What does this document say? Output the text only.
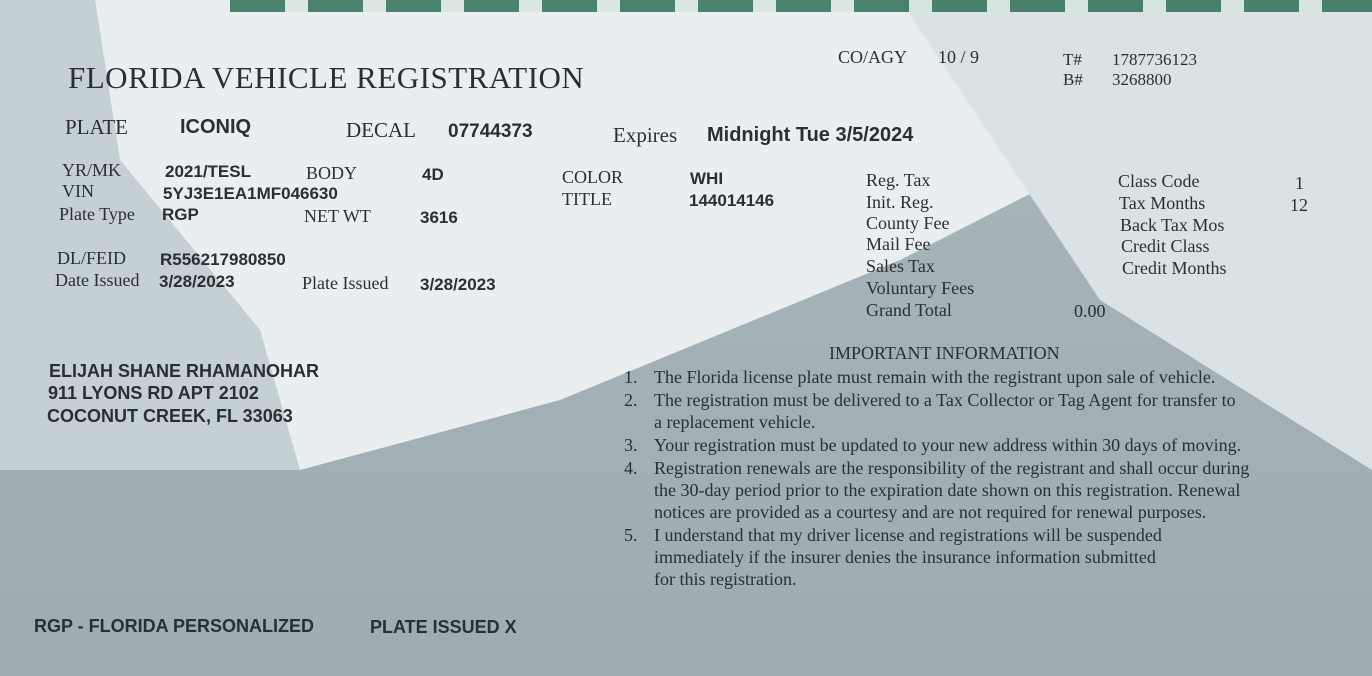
FLORIDA VEHICLE REGISTRATION
CO/AGY 10 / 9	T# 1787736123
B# 3268800
PLATE	ICONIQ	DECAL 07744373	Expires Midnight Tue 3/5/2024
YR/MK	2021/TESL	BODY	4D
VIN	5YJ3E1EA1MF046630
Plate Type RGP	NET WT	3616
COLOR	WHI
TITLE	144014146
DL/FEID R556217980850
Date Issued 3/28/2023	Plate Issued 3/28/2023
Reg. Tax
Init. Reg.
County Fee
Mail Fee
Sales Tax
Voluntary Fees
Grand Total	0.00
Class Code	1
Tax Months	12
Back Tax Mos
Credit Class
Credit Months
ELIJAH SHANE RHAMANOHAR
911 LYONS RD APT 2102
COCONUT CREEK, FL 33063
IMPORTANT INFORMATION
1. The Florida license plate must remain with the registrant upon sale of vehicle.
2. The registration must be delivered to a Tax Collector or Tag Agent for transfer to
a replacement vehicle.
3. Your registration must be updated to your new address within 30 days of moving.
4. Registration renewals are the responsibility of the registrant and shall occur during
the 30-day period prior to the expiration date shown on this registration. Renewal
notices are provided as a courtesy and are not required for renewal purposes.
5. I understand that my driver license and registrations will be suspended
immediately if the insurer denies the insurance information submitted
for this registration.
RGP - FLORIDA PERSONALIZED	PLATE ISSUED X
